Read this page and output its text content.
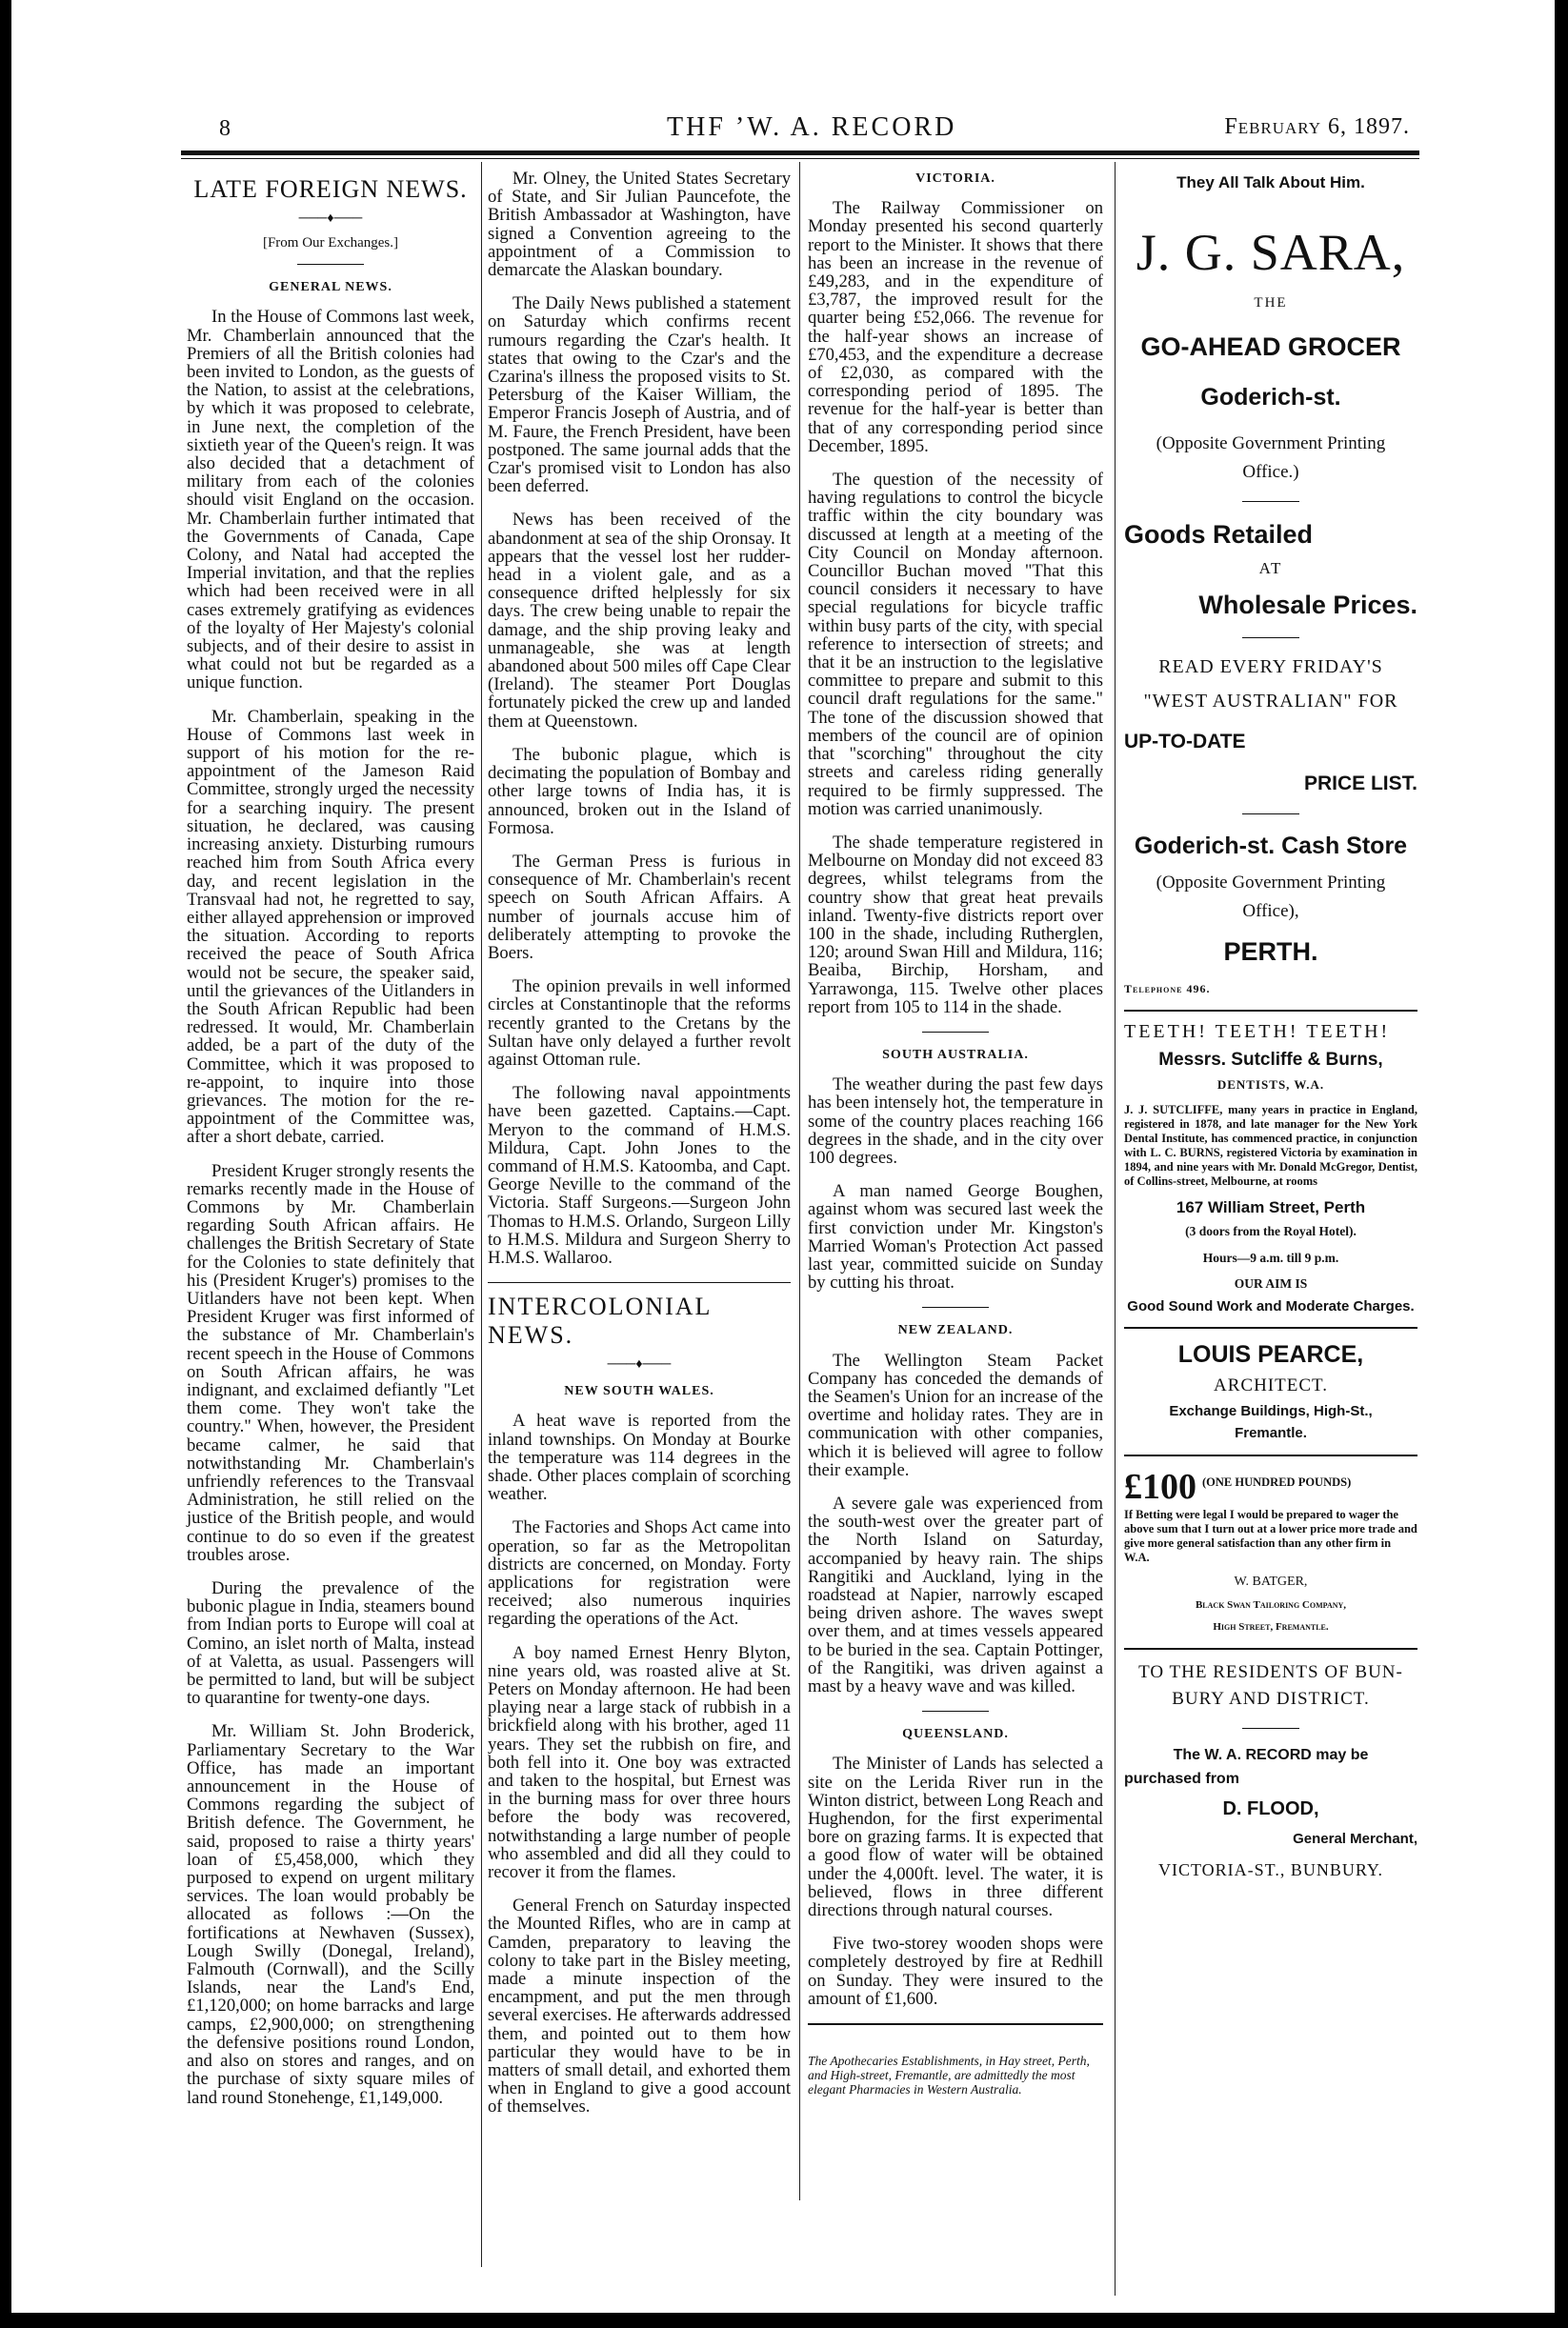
8	THF ’W. A. RECORD	February 6, 1897.
LATE FOREIGN NEWS.
───♦───
[From Our Exchanges.]
GENERAL NEWS.

In the House of Commons last week, Mr. Chamberlain announced that the Premiers of all the British colonies had been invited to London, as the guests of the Nation, to assist at the celebrations, by which it was proposed to celebrate, in June next, the completion of the sixtieth year of the Queen's reign. It was also decided that a detachment of military from each of the colonies should visit England on the occasion. Mr. Chamberlain further intimated that the Governments of Canada, Cape Colony, and Natal had accepted the Imperial invitation, and that the replies which had been received were in all cases extremely gratifying as evidences of the loyalty of Her Majesty's colonial subjects, and of their desire to assist in what could not but be regarded as a unique function.

Mr. Chamberlain, speaking in the House of Commons last week in support of his motion for the re-appointment of the Jameson Raid Committee, strongly urged the necessity for a searching inquiry. The present situation, he declared, was causing increasing anxiety. Disturbing rumours reached him from South Africa every day, and recent legislation in the Transvaal had not, he regretted to say, either allayed apprehension or improved the situation. According to reports received the peace of South Africa would not be secure, the speaker said, until the grievances of the Uitlanders in the South African Republic had been redressed. It would, Mr. Chamberlain added, be a part of the duty of the Committee, which it was proposed to re-appoint, to inquire into those grievances. The motion for the re-appointment of the Committee was, after a short debate, carried.

President Kruger strongly resents the remarks recently made in the House of Commons by Mr. Chamberlain regarding South African affairs. He challenges the British Secretary of State for the Colonies to state definitely that his (President Kruger's) promises to the Uitlanders have not been kept. When President Kruger was first informed of the substance of Mr. Chamberlain's recent speech in the House of Commons on South African affairs, he was indignant, and exclaimed defiantly "Let them come. They won't take the country." When, however, the President became calmer, he said that notwithstanding Mr. Chamberlain's unfriendly references to the Transvaal Administration, he still relied on the justice of the British people, and would continue to do so even if the greatest troubles arose.

During the prevalence of the bubonic plague in India, steamers bound from Indian ports to Europe will coal at Comino, an islet north of Malta, instead of at Valetta, as usual. Passengers will be permitted to land, but will be subject to quarantine for twenty-one days.

Mr. William St. John Broderick, Parliamentary Secretary to the War Office, has made an important announcement in the House of Commons regarding the subject of British defence. The Government, he said, proposed to raise a thirty years' loan of £5,458,000, which they purposed to expend on urgent military services. The loan would probably be allocated as follows :—On the fortifications at Newhaven (Sussex), Lough Swilly (Donegal, Ireland), Falmouth (Cornwall), and the Scilly Islands, near the Land's End, £1,120,000; on home barracks and large camps, £2,900,000; on strengthening the defensive positions round London, and also on stores and ranges, and on the purchase of sixty square miles of land round Stonehenge, £1,149,000.

Mr. Olney, the United States Secretary of State, and Sir Julian Pauncefote, the British Ambassador at Washington, have signed a Convention agreeing to the appointment of a Commission to demarcate the Alaskan boundary.

The Daily News published a statement on Saturday which confirms recent rumours regarding the Czar's health. It states that owing to the Czar's and the Czarina's illness the proposed visits to St. Petersburg of the Kaiser William, the Emperor Francis Joseph of Austria, and of M. Faure, the French President, have been postponed. The same journal adds that the Czar's promised visit to London has also been deferred.

News has been received of the abandonment at sea of the ship Oronsay. It appears that the vessel lost her rudder-head in a violent gale, and as a consequence drifted helplessly for six days. The crew being unable to repair the damage, and the ship proving leaky and unmanageable, she was at length abandoned about 500 miles off Cape Clear (Ireland). The steamer Port Douglas fortunately picked the crew up and landed them at Queenstown.

The bubonic plague, which is decimating the population of Bombay and other large towns of India has, it is announced, broken out in the Island of Formosa.

The German Press is furious in consequence of Mr. Chamberlain's recent speech on South African Affairs. A number of journals accuse him of deliberately attempting to provoke the Boers.

The opinion prevails in well informed circles at Constantinople that the reforms recently granted to the Cretans by the Sultan have only delayed a further revolt against Ottoman rule.

The following naval appointments have been gazetted. Captains.—Capt. Meryon to the command of H.M.S. Mildura, Capt. John Jones to the command of H.M.S. Katoomba, and Capt. George Neville to the command of the Victoria. Staff Surgeons.—Surgeon John Thomas to H.M.S. Orlando, Surgeon Lilly to H.M.S. Mildura and Surgeon Sherry to H.M.S. Wallaroo.

INTERCOLONIAL NEWS.
───♦───
NEW SOUTH WALES.

A heat wave is reported from the inland townships. On Monday at Bourke the temperature was 114 degrees in the shade. Other places complain of scorching weather.

The Factories and Shops Act came into operation, so far as the Metropolitan districts are concerned, on Monday. Forty applications for registration were received; also numerous inquiries regarding the operations of the Act.

A boy named Ernest Henry Blyton, nine years old, was roasted alive at St. Peters on Monday afternoon. He had been playing near a large stack of rubbish in a brickfield along with his brother, aged 11 years. They set the rubbish on fire, and both fell into it. One boy was extracted and taken to the hospital, but Ernest was in the burning mass for over three hours before the body was recovered, notwithstanding a large number of people who assembled and did all they could to recover it from the flames.

General French on Saturday inspected the Mounted Rifles, who are in camp at Camden, preparatory to leaving the colony to take part in the Bisley meeting, made a minute inspection of the encampment, and put the men through several exercises. He afterwards addressed them, and pointed out to them how particular they would have to be in matters of small detail, and exhorted them when in England to give a good account of themselves.

VICTORIA.

The Railway Commissioner on Monday presented his second quarterly report to the Minister. It shows that there has been an increase in the revenue of £49,283, and in the expenditure of £3,787, the improved result for the quarter being £52,066. The revenue for the half-year shows an increase of £70,453, and the expenditure a decrease of £2,030, as compared with the corresponding period of 1895. The revenue for the half-year is better than that of any corresponding period since December, 1895.

The question of the necessity of having regulations to control the bicycle traffic within the city boundary was discussed at length at a meeting of the City Council on Monday afternoon. Councillor Buchan moved "That this council considers it necessary to have special regulations for bicycle traffic within busy parts of the city, with special reference to intersection of streets; and that it be an instruction to the legislative committee to prepare and submit to this council draft regulations for the same." The tone of the discussion showed that members of the council are of opinion that "scorching" throughout the city streets and careless riding generally required to be firmly suppressed. The motion was carried unanimously.

The shade temperature registered in Melbourne on Monday did not exceed 83 degrees, whilst telegrams from the country show that great heat prevails inland. Twenty-five districts report over 100 in the shade, including Rutherglen, 120; around Swan Hill and Mildura, 116; Beaiba, Birchip, Horsham, and Yarrawonga, 115. Twelve other places report from 105 to 114 in the shade.

SOUTH AUSTRALIA.

The weather during the past few days has been intensely hot, the temperature in some of the country places reaching 166 degrees in the shade, and in the city over 100 degrees.

A man named George Boughen, against whom was secured last week the first conviction under Mr. Kingston's Married Woman's Protection Act passed last year, committed suicide on Sunday by cutting his throat.

NEW ZEALAND.

The Wellington Steam Packet Company has conceded the demands of the Seamen's Union for an increase of the overtime and holiday rates. They are in communication with other companies, which it is believed will agree to follow their example.

A severe gale was experienced from the south-west over the greater part of the North Island on Saturday, accompanied by heavy rain. The ships Rangitiki and Auckland, lying in the roadstead at Napier, narrowly escaped being driven ashore. The waves swept over them, and at times vessels appeared to be buried in the sea. Captain Pottinger, of the Rangitiki, was driven against a mast by a heavy wave and was killed.

QUEENSLAND.

The Minister of Lands has selected a site on the Lerida River run in the Winton district, between Long Reach and Hughendon, for the first experimental bore on grazing farms. It is expected that a good flow of water will be obtained under the 4,000ft. level. The water, it is believed, flows in three different directions through natural courses.

Five two-storey wooden shops were completely destroyed by fire at Redhill on Sunday. They were insured to the amount of £1,600.

The Apothecaries Establishments, in Hay street, Perth, and High-street, Fremantle, are admittedly the most elegant Pharmacies in Western Australia.
They All Talk About Him.
J. G. SARA,
THE
GO-AHEAD GROCER
Goderich-st.
(Opposite Government Printing
Office.)
Goods Retailed
AT
Wholesale Prices.
READ EVERY FRIDAY'S
"WEST AUSTRALIAN" FOR
UP-TO-DATE
PRICE LIST.
Goderich-st. Cash Store
(Opposite Government Printing
Office),
PERTH.
Telephone 496.
TEETH! TEETH! TEETH!
Messrs. Sutcliffe & Burns,
DENTISTS, W.A.
J. J. SUTCLIFFE, many years in practice in England, registered in 1878, and late manager for the New York Dental Institute, has commenced practice, in conjunction with L. C. BURNS, registered Victoria by examination in 1894, and nine years with Mr. Donald McGregor, Dentist, of Collins-street, Melbourne, at rooms
167 William Street, Perth
(3 doors from the Royal Hotel).
Hours—9 a.m. till 9 p.m.
OUR AIM IS
Good Sound Work and Moderate Charges.
LOUIS PEARCE,
ARCHITECT.
Exchange Buildings, High-St.,
Fremantle.
£100 (ONE HUNDRED POUNDS)
If Betting were legal I would be prepared to wager the above sum that I turn out at a lower price more trade and give more general satisfaction than any other firm in W.A.
W. BATGER,
Black Swan Tailoring Company,
High Street, Fremantle.
TO THE RESIDENTS OF BUN-
BURY AND DISTRICT.
The W. A. RECORD may be
purchased from
D. FLOOD,
General Merchant,
VICTORIA-ST., BUNBURY.
